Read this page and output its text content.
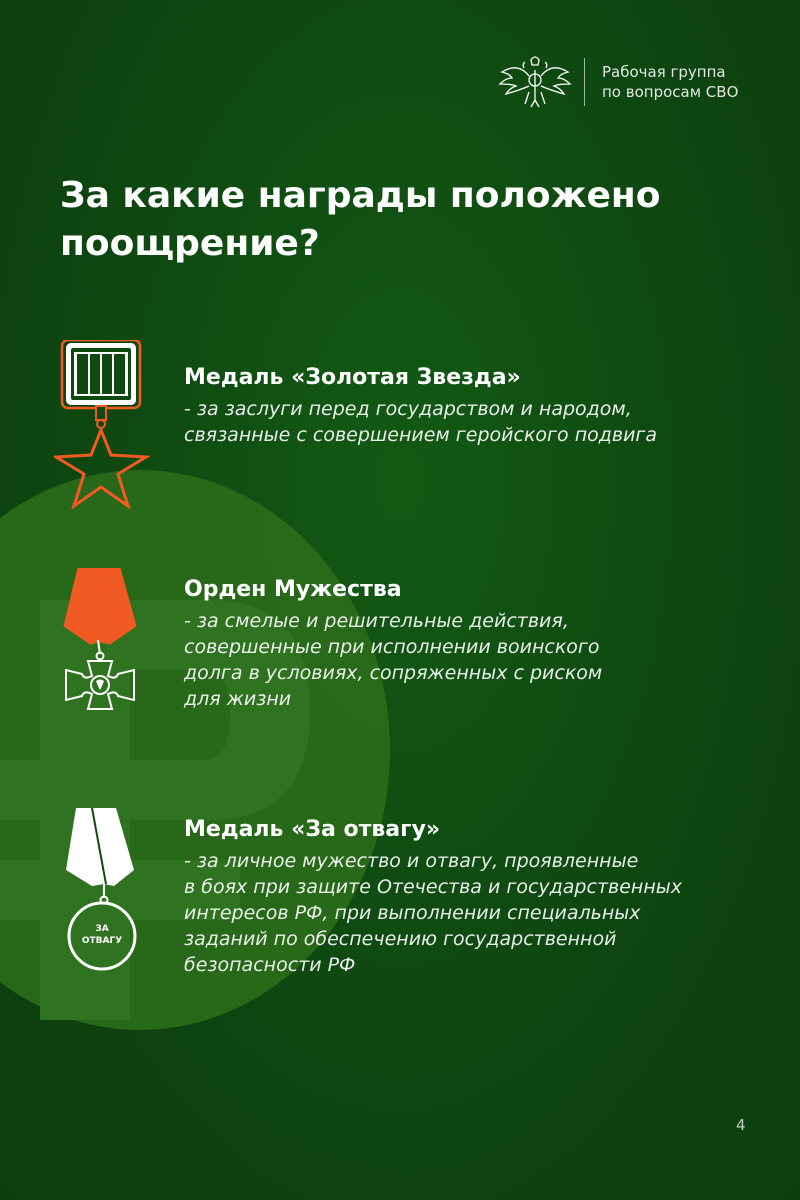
Рабочая группа
по вопросам СВО
За какие награды положено
поощрение?
Медаль «Золотая Звезда»
- за заслуги перед государством и народом,
связанные с совершением геройского подвига
Орден Мужества
- за смелые и решительные действия,
совершенные при исполнении воинского
долга в условиях, сопряженных с риском
для жизни
ЗА
ОТВАГУ
Медаль «За отвагу»
- за личное мужество и отвагу, проявленные
в боях при защите Отечества и государственных
интересов РФ, при выполнении специальных
заданий по обеспечению государственной
безопасности РФ
4
